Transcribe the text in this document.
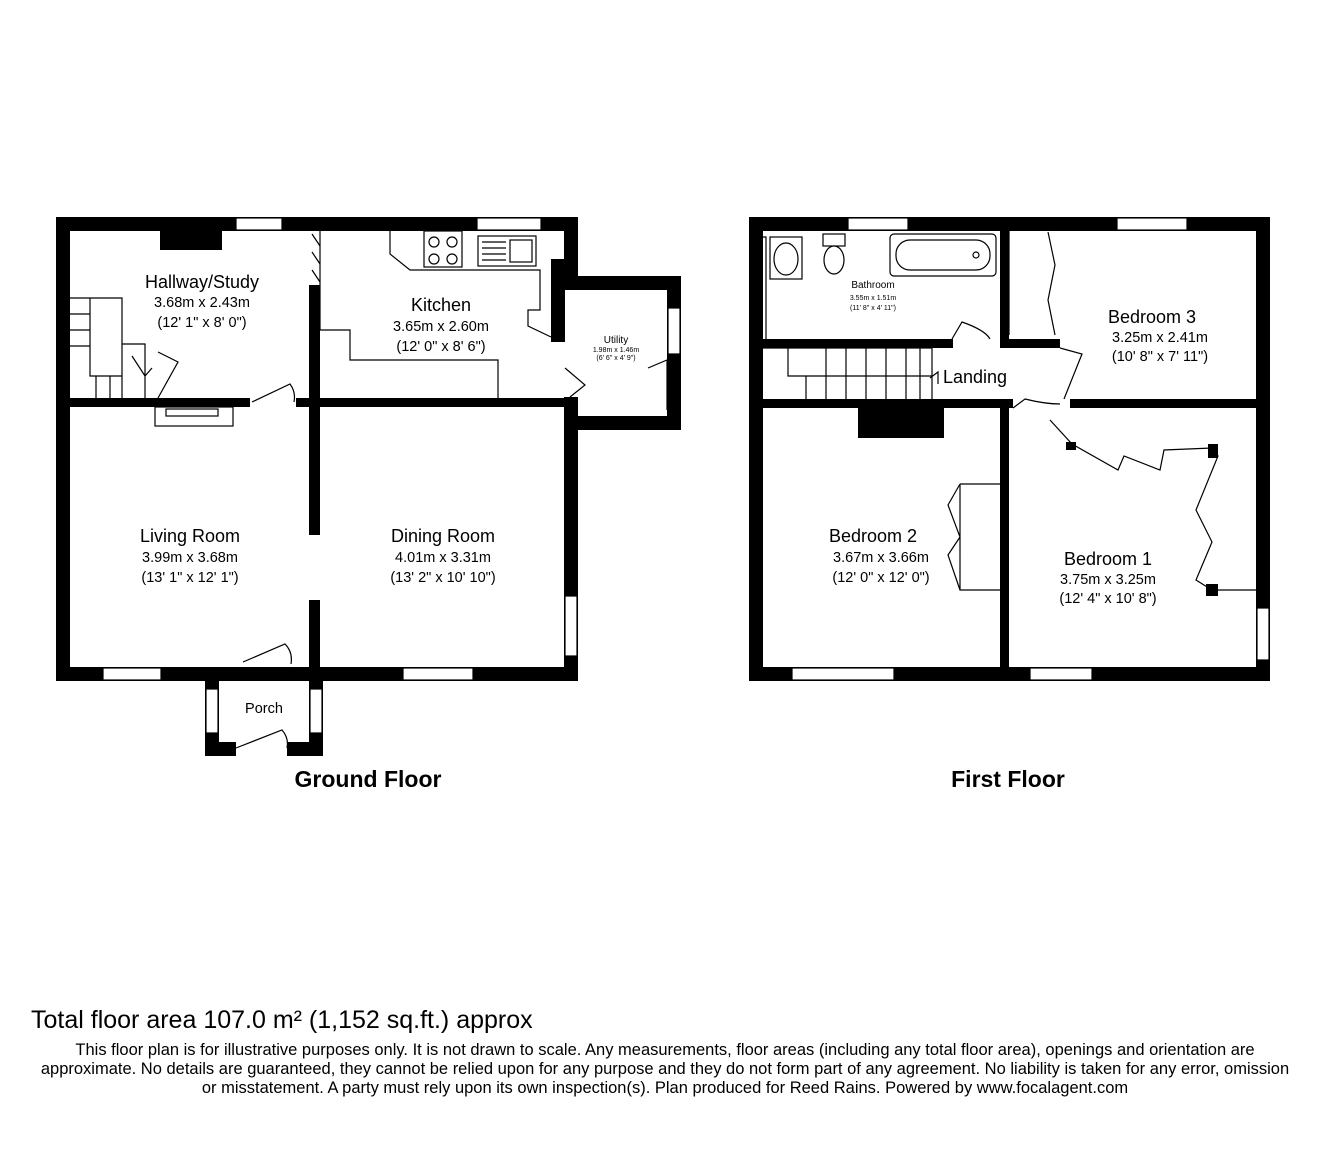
Hallway/Study
3.68m x 2.43m
(12' 1" x 8' 0")
Kitchen
3.65m x 2.60m
(12' 0" x 8' 6")	Utility
1.98m x 1.46m
(6' 6" x 4' 9")
Living Room
3.99m x 3.68m
(13' 1" x 12' 1")
Dining Room
4.01m x 3.31m
(13' 2" x 10' 10")
Porch
Ground Floor
Bathroom
3.55m x 1.51m
(11' 8" x 4' 11")	Bedroom 3
3.25m x 2.41m
(10' 8" x 7' 11")
Landing
Bedroom 2
3.67m x 3.66m
(12' 0" x 12' 0")
Bedroom 1
3.75m x 3.25m
(12' 4" x 10' 8")
First Floor

Total floor area 107.0 m² (1,152 sq.ft.) approx

This floor plan is for illustrative purposes only. It is not drawn to scale. Any measurements, floor areas (including any total floor area), openings and orientation are approximate. No details are guaranteed, they cannot be relied upon for any purpose and they do not form part of any agreement. No liability is taken for any error, omission or misstatement. A party must rely upon its own inspection(s). Plan produced for Reed Rains. Powered by www.focalagent.com
